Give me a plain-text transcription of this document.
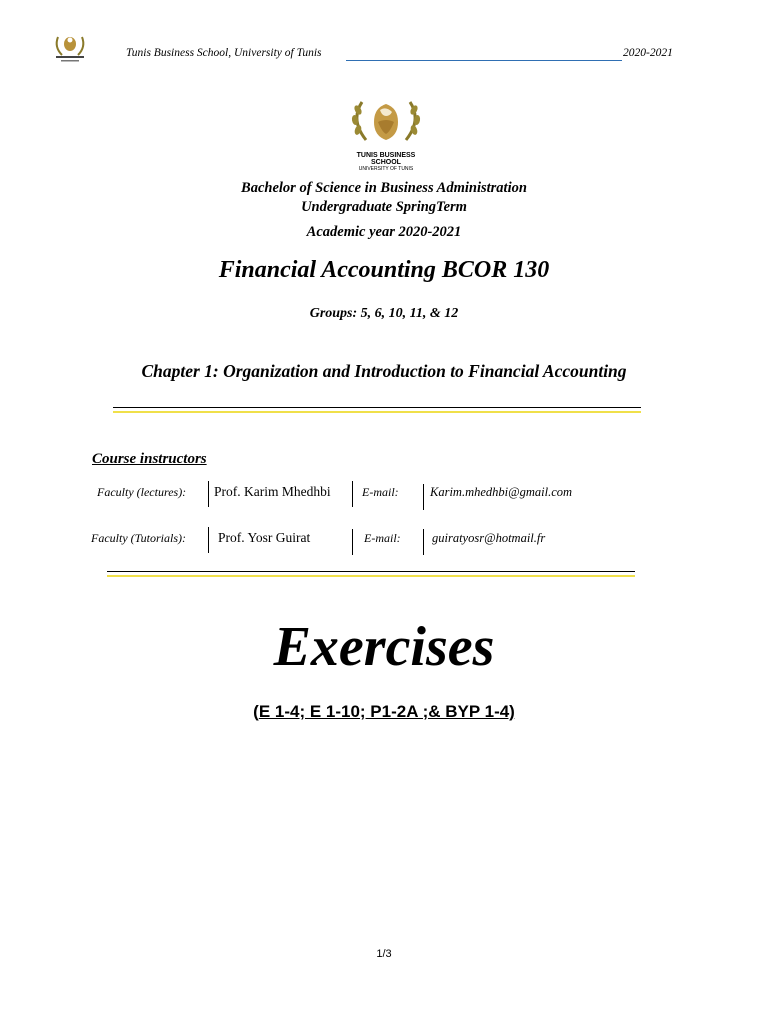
Tunis Business School, University of Tunis	2020-2021
TUNIS BUSINESS SCHOOL
UNIVERSITY OF TUNIS
Bachelor of Science in Business Administration
Undergraduate SpringTerm
Academic year 2020-2021
Financial Accounting BCOR 130
Groups: 5, 6, 10, 11, & 12
Chapter 1: Organization and Introduction to Financial Accounting
Course instructors
Faculty (lectures): Prof. Karim Mhedhbi	E-mail:	Karim.mhedhbi@gmail.com
Faculty (Tutorials): Prof. Yosr Guirat	E-mail:	guiratyosr@hotmail.fr
Exercises
(E 1-4; E 1-10; P1-2A ;& BYP 1-4)
1/3
